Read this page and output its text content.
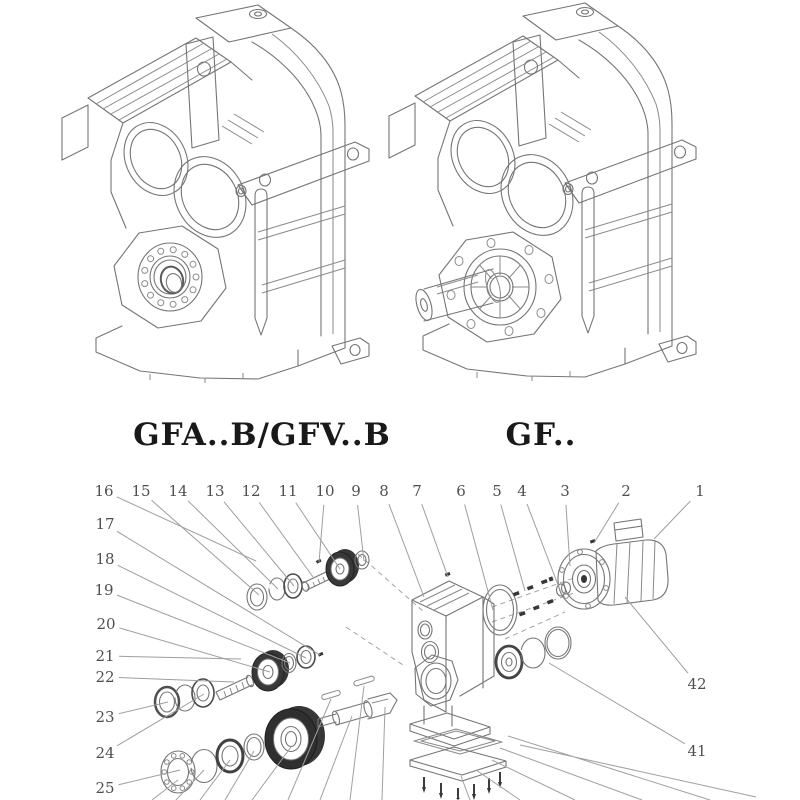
1
2
3
4
5
6
7
8
9
10
11
12
13
14
15
16
17
18
19
20
21
22
23
24
25
41
42
GFA..B/GFV..B	GF..
